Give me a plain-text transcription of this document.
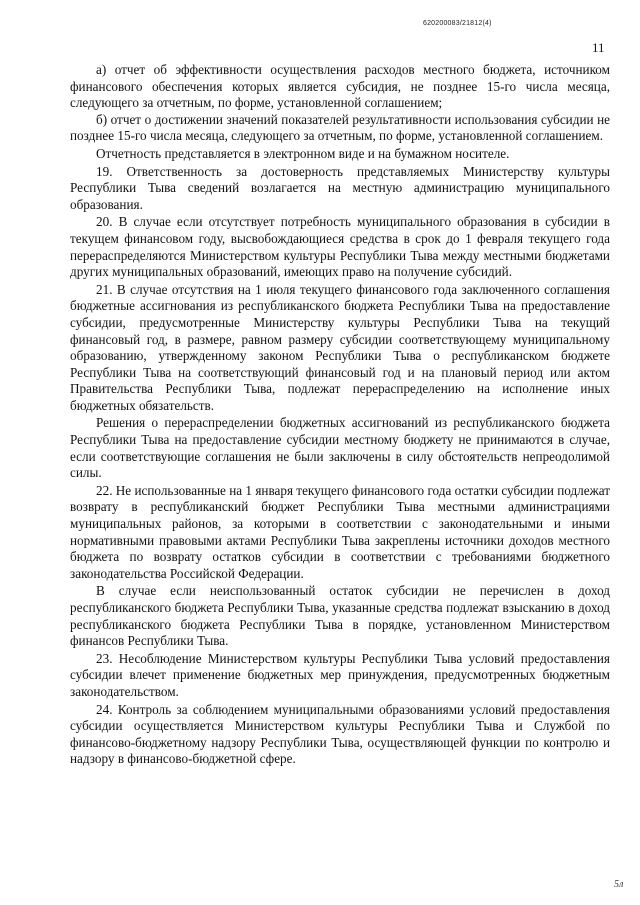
620200083/21812(4)
11

а) отчет об эффективности осуществления расходов местного бюджета, источником финансового обеспечения которых является субсидия, не позднее 15-го числа месяца, следующего за отчетным, по форме, установленной соглашением;

б) отчет о достижении значений показателей результативности использования субсидии не позднее 15-го числа месяца, следующего за отчетным, по форме, установленной соглашением.

Отчетность представляется в электронном виде и на бумажном носителе.

19. Ответственность за достоверность представляемых Министерству культуры Республики Тыва сведений возлагается на местную администрацию муниципального образования.

20. В случае если отсутствует потребность муниципального образования в субсидии в текущем финансовом году, высвобождающиеся средства в срок до 1 февраля текущего года перераспределяются Министерством культуры Республики Тыва между местными бюджетами других муниципальных образований, имеющих право на получение субсидий.

21. В случае отсутствия на 1 июля текущего финансового года заключенного соглашения бюджетные ассигнования из республиканского бюджета Республики Тыва на предоставление субсидии, предусмотренные Министерству культуры Республики Тыва на текущий финансовый год, в размере, равном размеру субсидии соответствующему муниципальному образованию, утвержденному законом Республики Тыва о республиканском бюджете Республики Тыва на соответствующий финансовый год и на плановый период или актом Правительства Республики Тыва, подлежат перераспределению на исполнение иных бюджетных обязательств.

Решения о перераспределении бюджетных ассигнований из республиканского бюджета Республики Тыва на предоставление субсидии местному бюджету не принимаются в случае, если соответствующие соглашения не были заключены в силу обстоятельств непреодолимой силы.

22. Не использованные на 1 января текущего финансового года остатки субсидии подлежат возврату в республиканский бюджет Республики Тыва местными администрациями муниципальных районов, за которыми в соответствии с законодательными и иными нормативными правовыми актами Республики Тыва закреплены источники доходов местного бюджета по возврату остатков субсидии в соответствии с требованиями бюджетного законодательства Российской Федерации.

В случае если неиспользованный остаток субсидии не перечислен в доход республиканского бюджета Республики Тыва, указанные средства подлежат взысканию в доход республиканского бюджета Республики Тыва в порядке, установленном Министерством финансов Республики Тыва.

23. Несоблюдение Министерством культуры Республики Тыва условий предоставления субсидии влечет применение бюджетных мер принуждения, предусмотренных бюджетным законодательством.

24. Контроль за соблюдением муниципальными образованиями условий предоставления субсидии осуществляется Министерством культуры Республики Тыва и Службой по финансово-бюджетному надзору Республики Тыва, осуществляющей функции по контролю и надзору в финансово-бюджетной сфере.

5л
